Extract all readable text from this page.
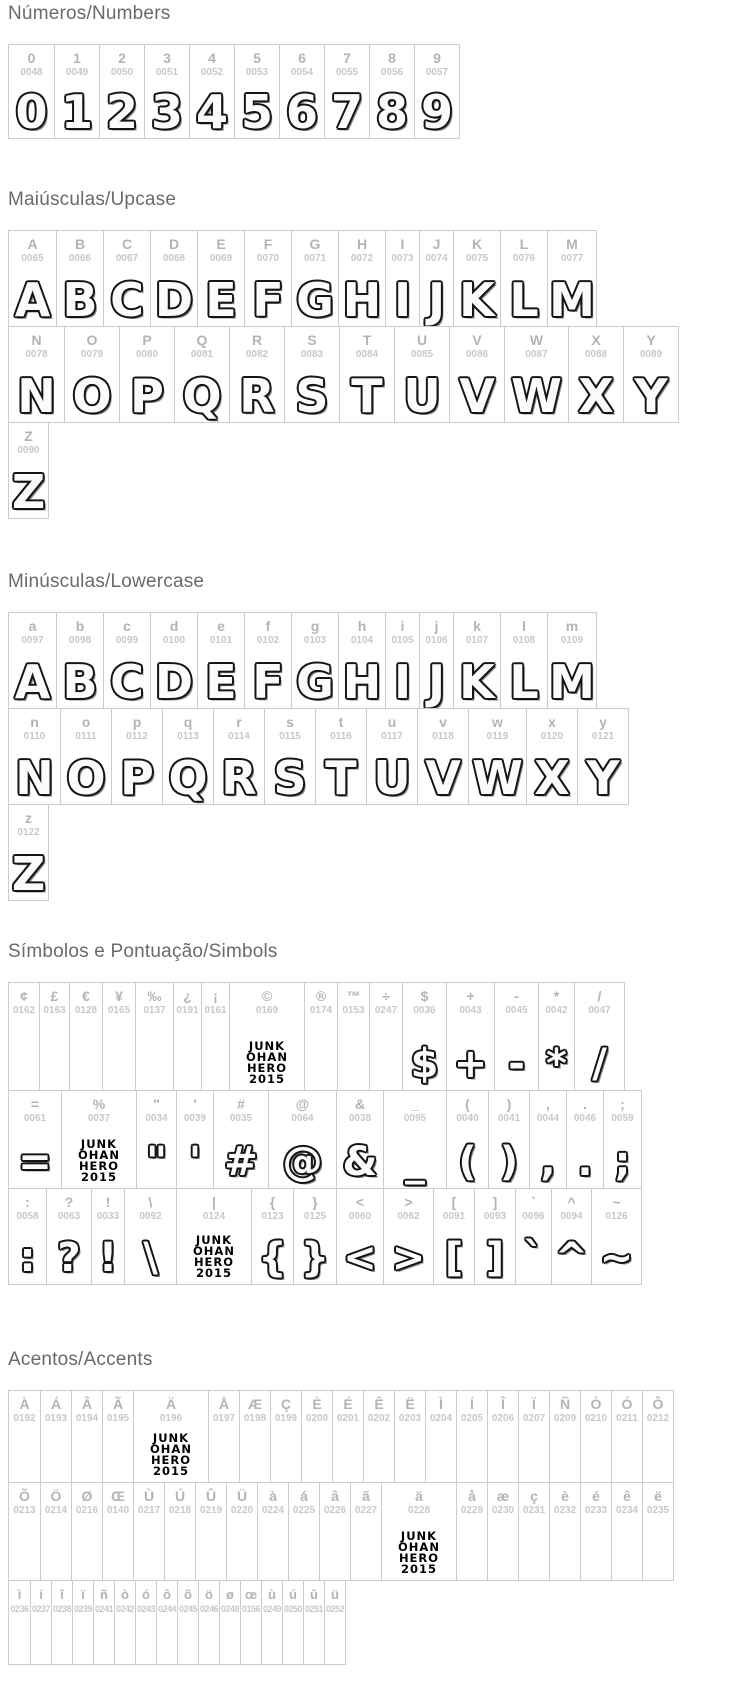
Números/Numbers
0
0048
0
1
0049
1
2
0050
2
3
0051
3
4
0052
4
5
0053
5
6
0054
6
7
0055
7
8
0056
8
9
0057
9
Maiúsculas/Upcase
A
0065
A
B
0066
B
C
0067
C
D
0068
D
E
0069
E
F
0070
F
G
0071
G
H
0072
H
I
0073
I
J
0074
J
K
0075
K
L
0076
L
M
0077
M
N
0078
N
O
0079
O
P
0080
P
Q
0081
Q
R
0082
R
S
0083
S
T
0084
T
U
0085
U
V
0086
V
W
0087
W
X
0088
X
Y
0089
Y
Z
0090
Z
Minúsculas/Lowercase
a
0097
A
b
0098
B
c
0099
C
d
0100
D
e
0101
E
f
0102
F
g
0103
G
h
0104
H
i
0105
I
j
0106
J
k
0107
K
l
0108
L
m
0109
M
n
0110
N
o
0111
O
p
0112
P
q
0113
Q
r
0114
R
s
0115
S
t
0116
T
u
0117
U
v
0118
V
w
0119
W
x
0120
X
y
0121
Y
z
0122
Z
Símbolos e Pontuação/Simbols
¢
0162
£
0163
€
0128
¥
0165
‰
0137
¿
0191
¡
0161
©
0169
JUNK
OHAN
HERO
2015
®
0174
™
0153
÷
0247
$
0036
$
+
0043
+
-
0045
-
*
0042
*
/
0047
/
=
0061
=
%
0037
JUNK
OHAN
HERO
2015
"
0034
"
'
0039
'
#
0035
#
@
0064
@
&
0038
&
_
0095
_
(
0040
(
)
0041
)
,
0044
,
.
0046
.
;
0059
;
:
0058
:
?
0063
?
!
0033
!
\
0092
\
|
0124
JUNK
OHAN
HERO
2015
{
0123
{
}
0125
}
<
0060
<
>
0062
>
[
0091
[
]
0093
]
`
0096
`
^
0094
^
~
0126
~
Acentos/Accents
À
0192
Á
0193
Â
0194
Ã
0195
Ä
0196
JUNK
OHAN
HERO
2015
Å
0197
Æ
0198
Ç
0199
È
0200
É
0201
Ê
0202
Ë
0203
Ì
0204
Í
0205
Î
0206
Ï
0207
Ñ
0209
Ò
0210
Ó
0211
Ô
0212
Õ
0213
Ö
0214
Ø
0216
Œ
0140
Ù
0217
Ú
0218
Û
0219
Ü
0220
à
0224
á
0225
â
0226
ã
0227
ä
0228
JUNK
OHAN
HERO
2015
å
0229
æ
0230
ç
0231
è
0232
é
0233
ê
0234
ë
0235
ì
0236
í
0237
î
0238
ï
0239
ñ
0241
ò
0242
ó
0243
ô
0244
õ
0245
ö
0246
ø
0248
œ
0156
ù
0249
ú
0250
û
0251
ü
0252
